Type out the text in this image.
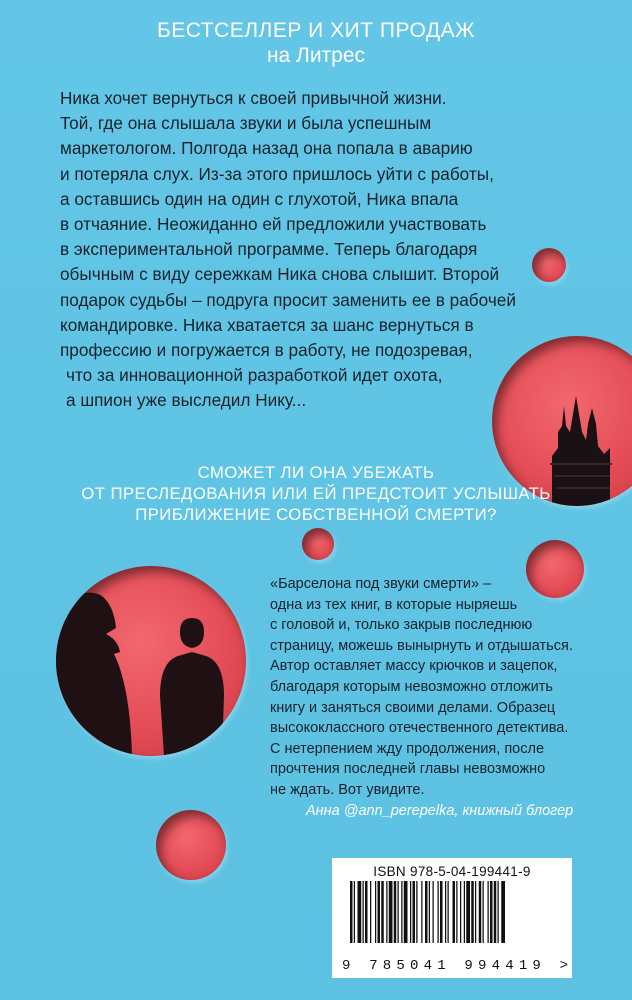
БЕСТСЕЛЛЕР И ХИТ ПРОДАЖ
на Литрес
Ника хочет вернуться к своей привычной жизни.
Той, где она слышала звуки и была успешным
маркетологом. Полгода назад она попала в аварию
и потеряла слух. Из-за этого пришлось уйти с работы,
а оставшись один на один с глухотой, Ника впала
в отчаяние. Неожиданно ей предложили участвовать
в экспериментальной программе. Теперь благодаря
обычным с виду сережкам Ника снова слышит. Второй
подарок судьбы – подруга просит заменить ее в рабочей
командировке. Ника хватается за шанс вернуться в
профессию и погружается в работу, не подозревая,
что за инновационной разработкой идет охота,
а шпион уже выследил Нику...
СМОЖЕТ ЛИ ОНА УБЕЖАТЬ
ОТ ПРЕСЛЕДОВАНИЯ ИЛИ ЕЙ ПРЕДСТОИТ УСЛЫШАТЬ
ПРИБЛИЖЕНИЕ СОБСТВЕННОЙ СМЕРТИ?
«Барселона под звуки смерти» –
одна из тех книг, в которые ныряешь
с головой и, только закрыв последнюю
страницу, можешь вынырнуть и отдышаться.
Автор оставляет массу крючков и зацепок,
благодаря которым невозможно отложить
книгу и заняться своими делами. Образец
высококлассного отечественного детектива.
С нетерпением жду продолжения, после
прочтения последней главы невозможно
не ждать. Вот увидите.
Анна @ann_perepelka, книжный блогер
ISBN 978-5-04-199441-9
9 785041 994419 >
